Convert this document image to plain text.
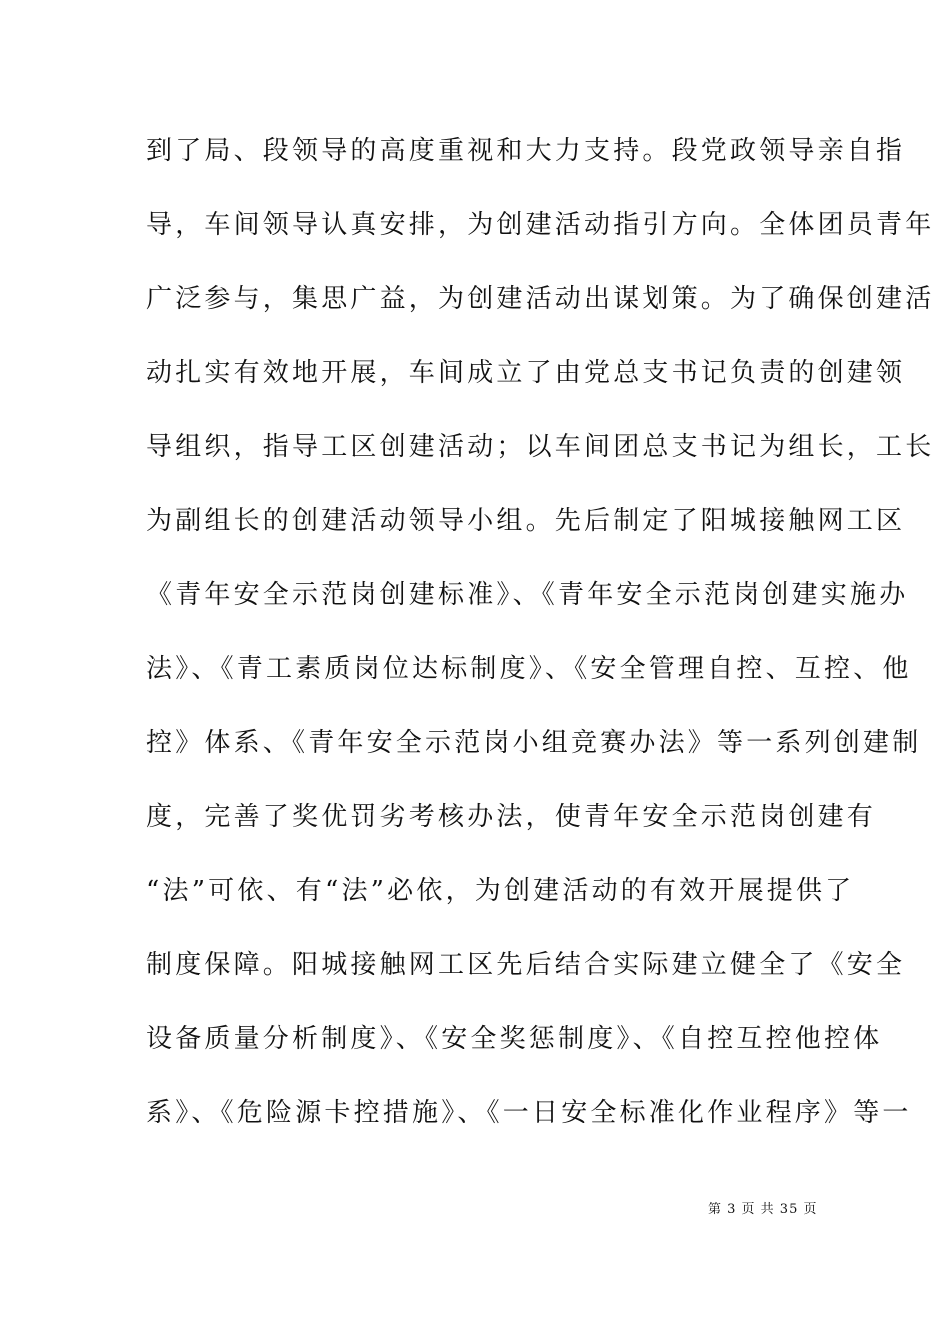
到了局、段领导的高度重视和大力支持。段党政领导亲自指
导，车间领导认真安排，为创建活动指引方向。全体团员青年
广泛参与，集思广益，为创建活动出谋划策。为了确保创建活
动扎实有效地开展，车间成立了由党总支书记负责的创建领
导组织，指导工区创建活动；以车间团总支书记为组长，工长
为副组长的创建活动领导小组。先后制定了阳城接触网工区
《青年安全示范岗创建标准》、《青年安全示范岗创建实施办
法》、《青工素质岗位达标制度》、《安全管理自控、互控、他
控》体系、《青年安全示范岗小组竞赛办法》等一系列创建制
度，完善了奖优罚劣考核办法，使青年安全示范岗创建有
“法”可依、有“法”必依，为创建活动的有效开展提供了
制度保障。阳城接触网工区先后结合实际建立健全了《安全
设备质量分析制度》、《安全奖惩制度》、《自控互控他控体
系》、《危险源卡控措施》、《一日安全标准化作业程序》等一
第 3 页 共 35 页
